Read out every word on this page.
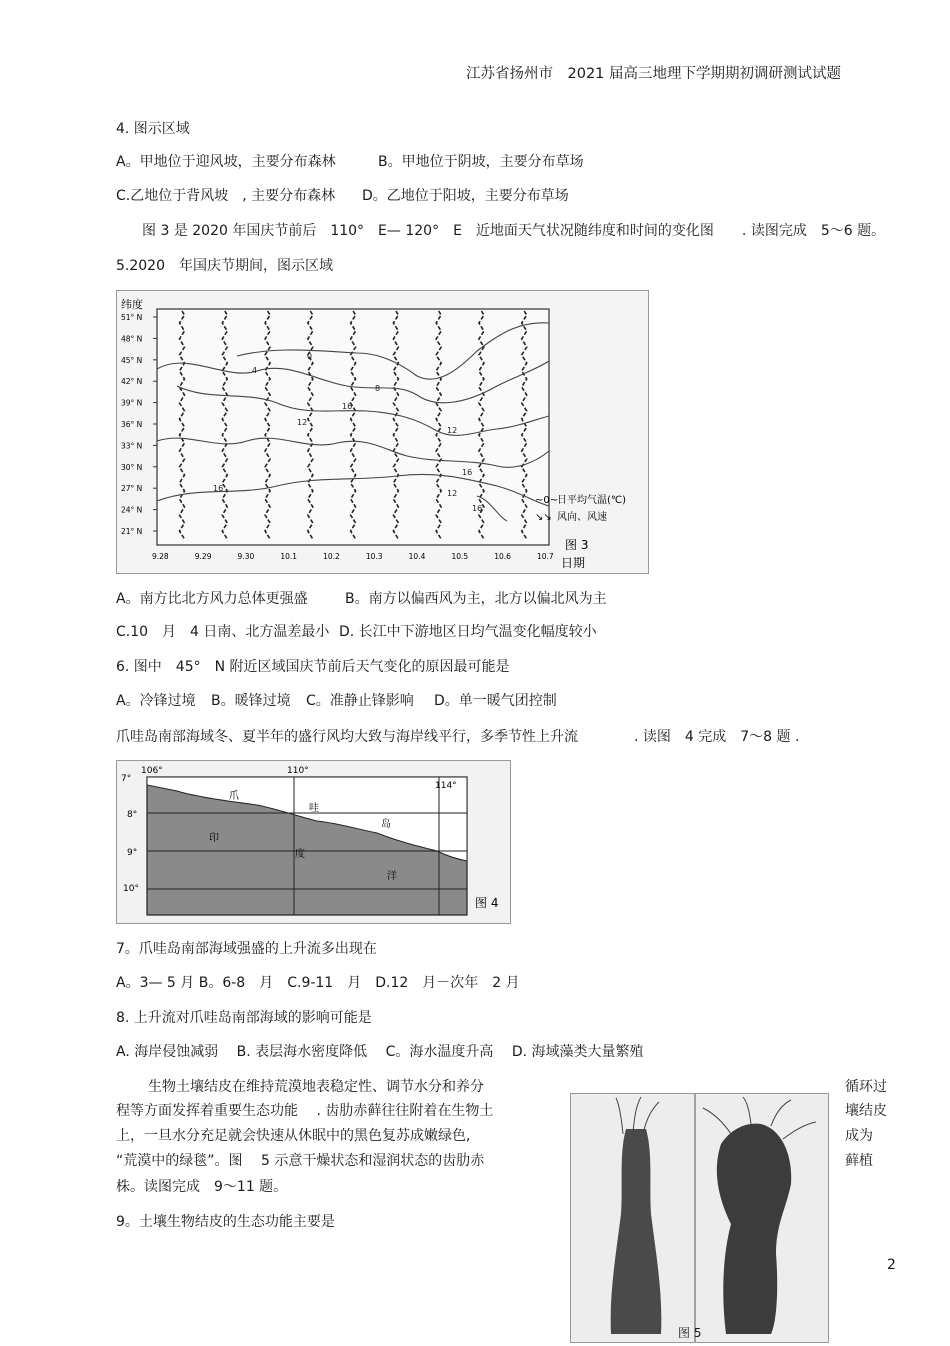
江苏省扬州市　2021 届高三地理下学期期初调研测试试题
4. 图示区域
A。甲地位于迎风坡，主要分布森林	B。甲地位于阴坡，主要分布草场
C.乙地位于背风坡　, 主要分布森林 D。乙地位于阳坡，主要分布草场
图 3 是 2020 年国庆节前后　110°　E— 120°　E　近地面天气状况随纬度和时间的变化图　　. 读图完成　5～6 题。
5.2020　年国庆节期间，图示区域
纬度
51° N
48° N
45° N
42° N
39° N
36° N
33° N
30° N
27° N
24° N
21° N
9.28	9.29	9.30	10.1	10.2	10.3	10.4	10.5	10.6	10.7
0
4
8
12
12
16
16
16
12
16
~0~
日平均气温(℃)
↘↘ 风向、风速
图 3
日期
A。南方比北方风力总体更强盛	B。南方以偏西风为主，北方以偏北风为主
C.10　月　4 日南、北方温差最小 D. 长江中下游地区日均气温变化幅度较小
6. 图中　45°　N 附近区域国庆节前后天气变化的原因最可能是
A。冷锋过境 B。暖锋过境 C。准静止锋影响 D。单一暖气团控制
爪哇岛南部海域冬、夏半年的盛行风均大致与海岸线平行，多季节性上升流　　　　. 读图　4 完成　7～8 题 .
106°	110°
114°
7°
8°
9°
10°
爪
哇
岛
印
度
洋
图 4
7。爪哇岛南部海域强盛的上升流多出现在
A。3— 5 月 B。6-8　月　C.9-11　月　D.12　月－次年　2 月
8. 上升流对爪哇岛南部海域的影响可能是
A. 海岸侵蚀减弱　 B. 表层海水密度降低　 C。海水温度升高　 D. 海域藻类大量繁殖
生物土壤结皮在维持荒漠地表稳定性、调节水分和养分	循环过
程等方面发挥着重要生态功能　 . 齿肋赤藓往往附着在生物土	壤结皮
上，一旦水分充足就会快速从休眠中的黑色复苏成嫩绿色,	成为
“荒漠中的绿毯”。图　 5 示意干燥状态和湿润状态的齿肋赤	藓植
株。读图完成　9～11 题。
9。土壤生物结皮的生态功能主要是
图 5
2
